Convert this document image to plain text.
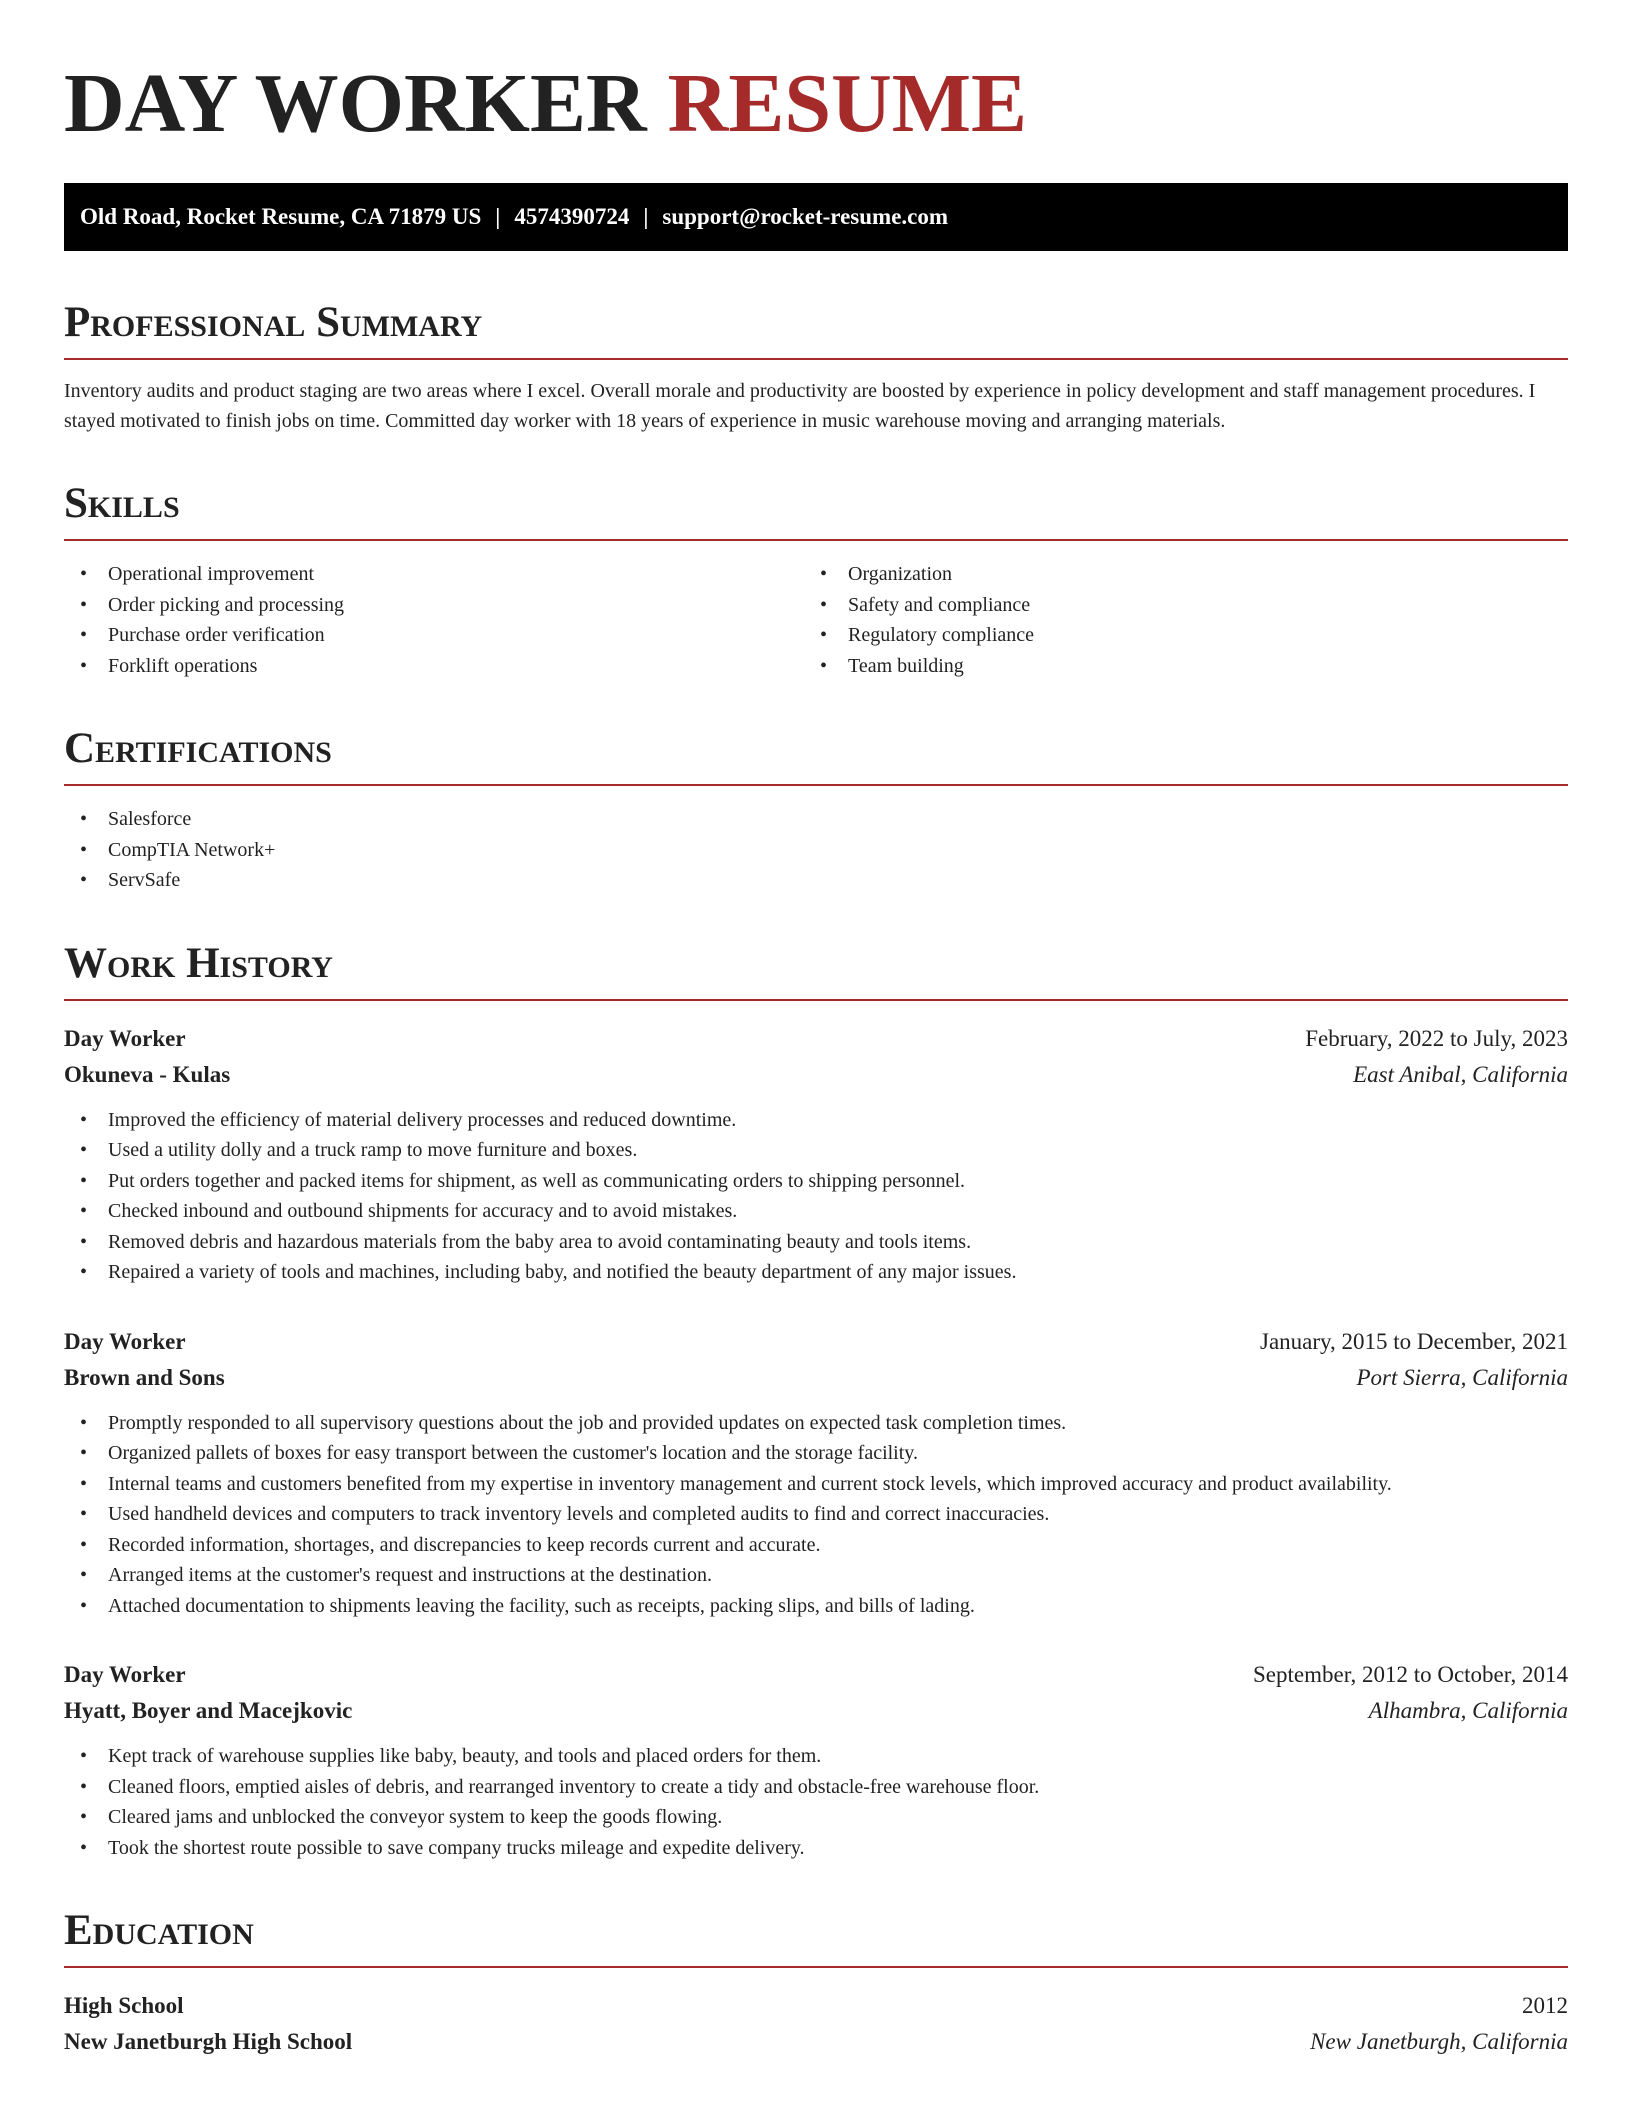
DAY WORKER RESUME
Old Road, Rocket Resume, CA 71879 US | 4574390724 | support@rocket-resume.com
Professional Summary

Inventory audits and product staging are two areas where I excel. Overall morale and productivity are boosted by experience in policy development and staff management procedures. I stayed motivated to finish jobs on time. Committed day worker with 18 years of experience in music warehouse moving and arranging materials.

Skills
• Operational improvement
• Order picking and processing
• Purchase order verification
• Forklift operations
• Organization
• Safety and compliance
• Regulatory compliance
• Team building
Certifications
• Salesforce
• CompTIA Network+
• ServSafe
Work History
Day Worker	February, 2022 to July, 2023
Okuneva - Kulas	East Anibal, California
• Improved the efficiency of material delivery processes and reduced downtime.
• Used a utility dolly and a truck ramp to move furniture and boxes.
• Put orders together and packed items for shipment, as well as communicating orders to shipping personnel.
• Checked inbound and outbound shipments for accuracy and to avoid mistakes.
• Removed debris and hazardous materials from the baby area to avoid contaminating beauty and tools items.
• Repaired a variety of tools and machines, including baby, and notified the beauty department of any major issues.
Day Worker	January, 2015 to December, 2021
Brown and Sons	Port Sierra, California
• Promptly responded to all supervisory questions about the job and provided updates on expected task completion times.
• Organized pallets of boxes for easy transport between the customer's location and the storage facility.
• Internal teams and customers benefited from my expertise in inventory management and current stock levels, which improved accuracy and product availability.
• Used handheld devices and computers to track inventory levels and completed audits to find and correct inaccuracies.
• Recorded information, shortages, and discrepancies to keep records current and accurate.
• Arranged items at the customer's request and instructions at the destination.
• Attached documentation to shipments leaving the facility, such as receipts, packing slips, and bills of lading.
Day Worker	September, 2012 to October, 2014
Hyatt, Boyer and Macejkovic	Alhambra, California
• Kept track of warehouse supplies like baby, beauty, and tools and placed orders for them.
• Cleaned floors, emptied aisles of debris, and rearranged inventory to create a tidy and obstacle-free warehouse floor.
• Cleared jams and unblocked the conveyor system to keep the goods flowing.
• Took the shortest route possible to save company trucks mileage and expedite delivery.
Education
High School	2012
New Janetburgh High School	New Janetburgh, California
